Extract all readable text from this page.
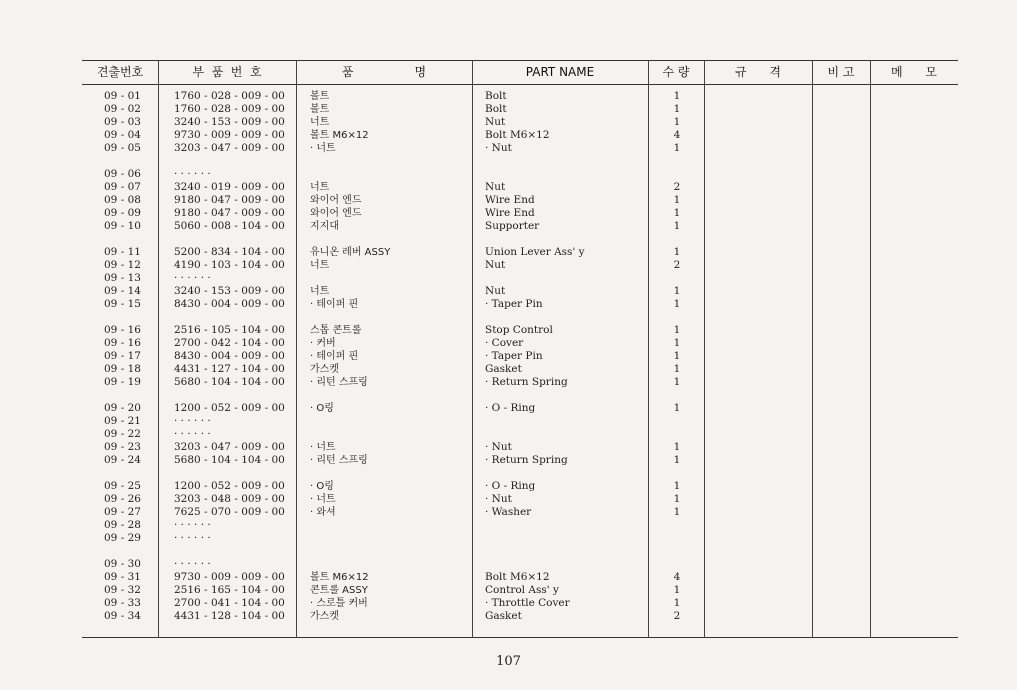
견출번호	부  품  번  호	품                명	PART NAME	수 량	규      격	비 고	메      모
09 - 01	1760 - 028 - 009 - 00	볼트	Bolt	1
09 - 02	1760 - 028 - 009 - 00	볼트	Bolt	1
09 - 03	3240 - 153 - 009 - 00	너트	Nut	1
09 - 04	9730 - 009 - 009 - 00	볼트 M6×12	Bolt M6×12	4
09 - 05	3203 - 047 - 009 - 00	· 너트	· Nut	1
09 - 06	· · · · · ·
09 - 07	3240 - 019 - 009 - 00	너트	Nut	2
09 - 08	9180 - 047 - 009 - 00	와이어 엔드	Wire End	1
09 - 09	9180 - 047 - 009 - 00	와이어 엔드	Wire End	1
09 - 10	5060 - 008 - 104 - 00	지지대	Supporter	1
09 - 11	5200 - 834 - 104 - 00	유니온 레버 ASSY	Union Lever Ass' y	1
09 - 12	4190 - 103 - 104 - 00	너트	Nut	2
09 - 13	· · · · · ·
09 - 14	3240 - 153 - 009 - 00	너트	Nut	1
09 - 15	8430 - 004 - 009 - 00	· 테이퍼 핀	· Taper Pin	1
09 - 16	2516 - 105 - 104 - 00	스톱 콘트롤	Stop Control	1
09 - 16	2700 - 042 - 104 - 00	· 커버	· Cover	1
09 - 17	8430 - 004 - 009 - 00	· 테이퍼 핀	· Taper Pin	1
09 - 18	4431 - 127 - 104 - 00	가스켓	Gasket	1
09 - 19	5680 - 104 - 104 - 00	· 리턴 스프링	· Return Spring	1
09 - 20	1200 - 052 - 009 - 00	· O링	· O - Ring	1
09 - 21	· · · · · ·
09 - 22	· · · · · ·
09 - 23	3203 - 047 - 009 - 00	· 너트	· Nut	1
09 - 24	5680 - 104 - 104 - 00	· 리턴 스프링	· Return Spring	1
09 - 25	1200 - 052 - 009 - 00	· O링	· O - Ring	1
09 - 26	3203 - 048 - 009 - 00	· 너트	· Nut	1
09 - 27	7625 - 070 - 009 - 00	· 와셔	· Washer	1
09 - 28	· · · · · ·
09 - 29	· · · · · ·
09 - 30	· · · · · ·
09 - 31	9730 - 009 - 009 - 00	볼트 M6×12	Bolt M6×12	4
09 - 32	2516 - 165 - 104 - 00	콘트롤 ASSY	Control Ass' y	1
09 - 33	2700 - 041 - 104 - 00	· 스로틀 커버	· Throttle Cover	1
09 - 34	4431 - 128 - 104 - 00	가스켓	Gasket	2
107
